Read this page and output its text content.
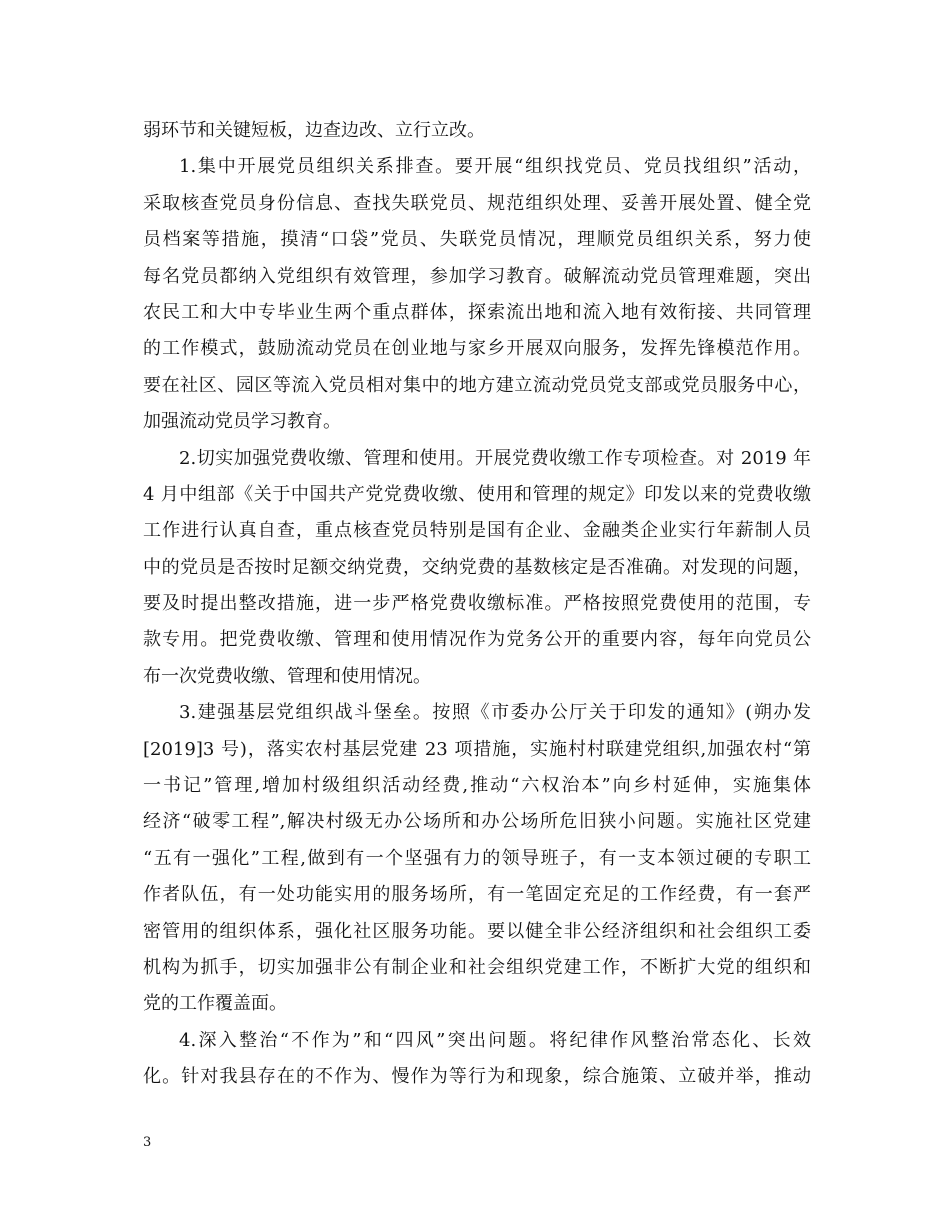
弱环节和关键短板，边查边改、立行立改。
1.集中开展党员组织关系排查。要开展“组织找党员、党员找组织”活动，
采取核查党员身份信息、查找失联党员、规范组织处理、妥善开展处置、健全党
员档案等措施，摸清“口袋”党员、失联党员情况，理顺党员组织关系，努力使
每名党员都纳入党组织有效管理，参加学习教育。破解流动党员管理难题，突出
农民工和大中专毕业生两个重点群体，探索流出地和流入地有效衔接、共同管理
的工作模式，鼓励流动党员在创业地与家乡开展双向服务，发挥先锋模范作用。
要在社区、园区等流入党员相对集中的地方建立流动党员党支部或党员服务中心，
加强流动党员学习教育。
2.切实加强党费收缴、管理和使用。开展党费收缴工作专项检查。对 2019 年
4 月中组部《关于中国共产党党费收缴、使用和管理的规定》印发以来的党费收缴
工作进行认真自查，重点核查党员特别是国有企业、金融类企业实行年薪制人员
中的党员是否按时足额交纳党费，交纳党费的基数核定是否准确。对发现的问题，
要及时提出整改措施，进一步严格党费收缴标准。严格按照党费使用的范围，专
款专用。把党费收缴、管理和使用情况作为党务公开的重要内容，每年向党员公
布一次党费收缴、管理和使用情况。
3.建强基层党组织战斗堡垒。按照《市委办公厅关于印发的通知》(朔办发
[2019]3 号)，落实农村基层党建 23 项措施，实施村村联建党组织,加强农村“第
一书记”管理,增加村级组织活动经费,推动“六权治本”向乡村延伸，实施集体
经济“破零工程”,解决村级无办公场所和办公场所危旧狭小问题。实施社区党建
“五有一强化”工程,做到有一个坚强有力的领导班子，有一支本领过硬的专职工
作者队伍，有一处功能实用的服务场所，有一笔固定充足的工作经费，有一套严
密管用的组织体系，强化社区服务功能。要以健全非公经济组织和社会组织工委
机构为抓手，切实加强非公有制企业和社会组织党建工作，不断扩大党的组织和
党的工作覆盖面。
4.深入整治“不作为”和“四风”突出问题。将纪律作风整治常态化、长效
化。针对我县存在的不作为、慢作为等行为和现象，综合施策、立破并举，推动
3
